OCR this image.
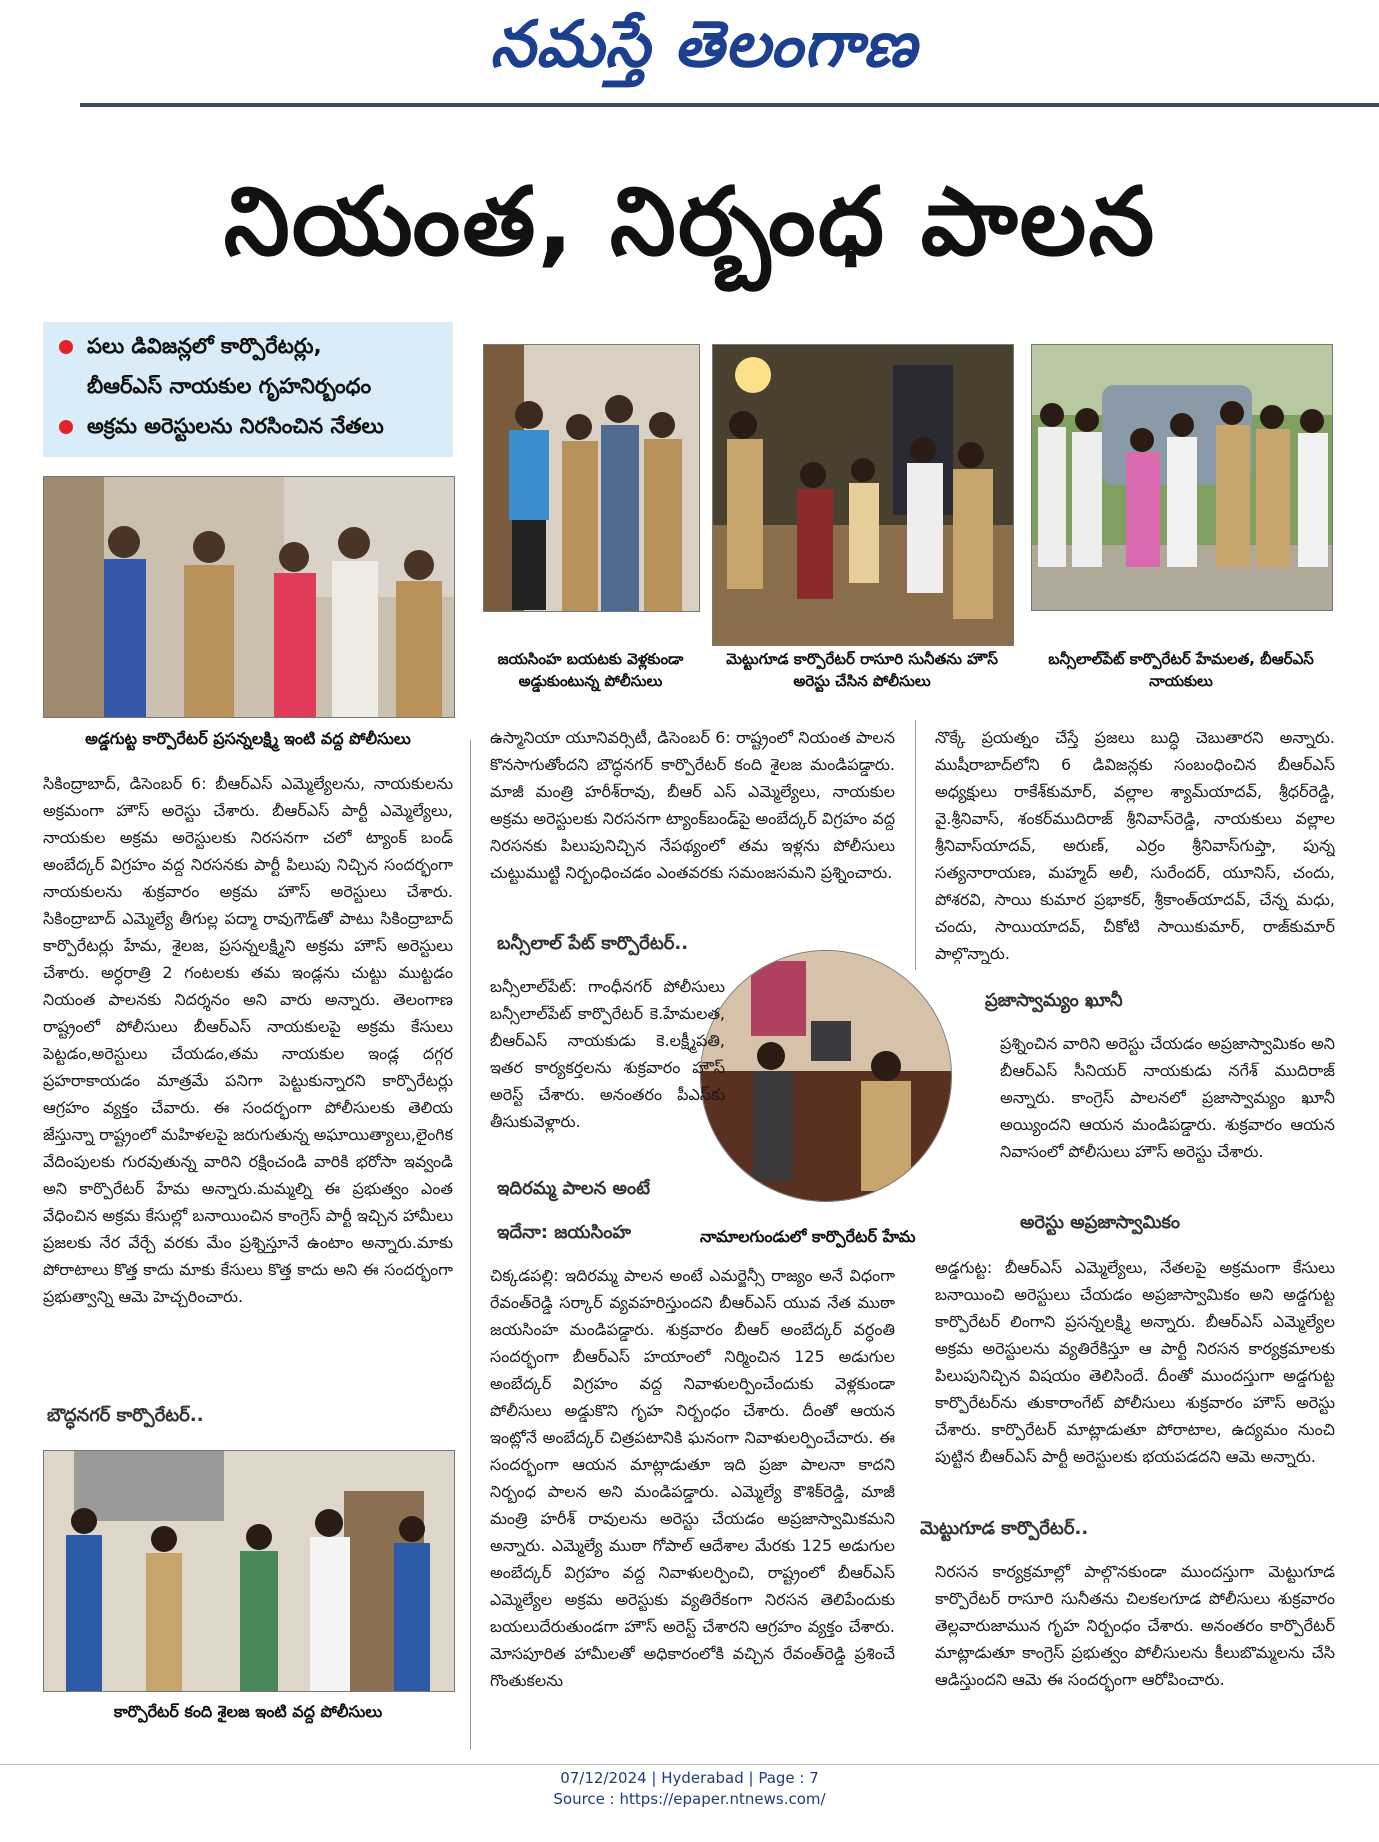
నమస్తే తెలంగాణ
నియంత, నిర్బంధ పాలన
పలు డివిజన్లలో కార్పొరేటర్లు,
బీఆర్ఎస్ నాయకుల గృహనిర్బంధం
అక్రమ అరెస్టులను నిరసించిన నేతలు
అడ్డగుట్ట కార్పొరేటర్ ప్రసన్నలక్ష్మి ఇంటి వద్ద పోలీసులు
జయసింహ బయటకు వెళ్లకుండా అడ్డుకుంటున్న పోలీసులు
మెట్టుగూడ కార్పొరేటర్ రాసూరి సునీతను హౌస్ అరెస్టు చేసిన పోలీసులు
బన్సీలాల్‌పేట్ కార్పొరేటర్ హేమలత, బీఆర్ఎస్ నాయకులు
కార్పొరేటర్ కంది శైలజ ఇంటి వద్ద పోలీసులు
నామాలగుండులో కార్పొరేటర్ హేమ

సికింద్రాబాద్, డిసెంబర్ 6: బీఆర్ఎస్ ఎమ్మెల్యేలను, నాయకులను అక్రమంగా హౌస్ అరెస్టు చేశారు. బీఆర్ఎస్ పార్టీ ఎమ్మెల్యేలు, నాయకుల అక్రమ అరెస్టులకు నిరసనగా చలో ట్యాంక్ బండ్ అంబేద్కర్ విగ్రహం వద్ద నిరసనకు పార్టీ పిలుపు నిచ్చిన సందర్భంగా నాయకులను శుక్రవారం అక్రమ హౌస్ అరెస్టులు చేశారు. సికింద్రాబాద్ ఎమ్మెల్యే తీగుల్ల పద్మా రావుగౌడ్‌తో పాటు సికింద్రాబాద్ కార్పొరేటర్లు హేమ, శైలజ, ప్రసన్నలక్ష్మిని అక్రమ హౌస్ అరెస్టులు చేశారు. అర్ధరాత్రి 2 గంటలకు తమ ఇండ్లను చుట్టు ముట్టడం నియంత పాలనకు నిదర్శనం అని వారు అన్నారు. తెలంగాణ రాష్ట్రంలో పోలీసులు బీఆర్ఎస్ నాయకులపై అక్రమ కేసులు పెట్టడం,అరెస్టులు చేయడం,తమ నాయకుల ఇండ్ల దగ్గర ప్రహరాకాయడం మాత్రమే పనిగా పెట్టుకున్నారని కార్పొరేటర్లు ఆగ్రహం వ్యక్తం చేవారు. ఈ సందర్భంగా పోలీసులకు తెలియ జేస్తున్నా రాష్ట్రంలో మహిళలపై జరుగుతున్న అఘాయిత్యాలు,లైంగిక వేదింపులకు గురవుతున్న వారిని రక్షించండి వారికి భరోసా ఇవ్వండి అని కార్పొరేటర్ హేమ అన్నారు.మమ్మల్ని ఈ ప్రభుత్వం ఎంత వేధించిన అక్రమ కేసుల్లో బనాయించిన కాంగ్రెస్ పార్టీ ఇచ్చిన హామీలు ప్రజలకు నేర వేర్చే వరకు మేం ప్రశ్నిస్తూనే ఉంటాం అన్నారు.మాకు పోరాటాలు కొత్త కాదు మాకు కేసులు కొత్త కాదు అని ఈ సందర్భంగా ప్రభుత్వాన్ని ఆమె హెచ్చరించారు.

బౌద్ధనగర్ కార్పొరేటర్..

ఉస్మానియా యూనివర్సిటీ, డిసెంబర్ 6: రాష్ట్రంలో నియంత పాలన కొనసాగుతోందని బౌద్ధనగర్ కార్పొరేటర్ కంది శైలజ మండిపడ్డారు. మాజీ మంత్రి హరీశ్‌రావు, బీఆర్ ఎస్ ఎమ్మెల్యేలు, నాయకుల అక్రమ అరెస్టులకు నిరసనగా ట్యాంక్‌బండ్‌పై అంబేద్కర్ విగ్రహం వద్ద నిరసనకు పిలుపునిచ్చిన నేపథ్యంలో తమ ఇళ్లను పోలీసులు చుట్టుముట్టి నిర్బంధించడం ఎంతవరకు సమంజసమని ప్రశ్నించారు.

బన్సీలాల్ పేట్ కార్పొరేటర్..

బన్సీలాల్‌పేట్: గాంధీనగర్ పోలీసులు బన్సీలాల్‌పేట్ కార్పొరేటర్ కె.హేమలత, బీఆర్ఎస్ నాయకుడు కె.లక్ష్మీపతి, ఇతర కార్యకర్తలను శుక్రవారం హౌస్ అరెస్ట్ చేశారు. అనంతరం పీఎస్‌కు తీసుకువెళ్లారు.

ఇదిరమ్మ పాలన అంటే
ఇదేనా: జయసింహ

చిక్కడపల్లి: ఇదిరమ్మ పాలన అంటే ఎమర్జెన్సీ రాజ్యం అనే విధంగా రేవంత్‌రెడ్డి సర్కార్ వ్యవహరిస్తుందని బీఆర్ఎస్ యువ నేత ముఠా జయసింహ మండిపడ్డారు. శుక్రవారం బీఆర్ అంబేద్కర్ వర్ధంతి సందర్భంగా బీఆర్ఎస్ హయాంలో నిర్మించిన 125 అడుగుల అంబేద్కర్ విగ్రహం వద్ద నివాళులర్పించేందుకు వెళ్లకుండా పోలీసులు అడ్డుకొని గృహ నిర్బంధం చేశారు. దీంతో ఆయన ఇంట్లోనే అంబేద్కర్ చిత్రపటానికి ఘనంగా నివాళులర్పించేచారు. ఈ సందర్భంగా ఆయన మాట్లాడుతూ ఇది ప్రజా పాలనా కాదని నిర్బంధ పాలన అని మండిపడ్డారు. ఎమ్మెల్యే కౌశిక్‌రెడ్డి, మాజీ మంత్రి హరీశ్ రావులను అరెస్టు చేయడం అప్రజాస్వామికమని అన్నారు. ఎమ్మెల్యే ముఠా గోపాల్ ఆదేశాల మేరకు 125 అడుగుల అంబేద్కర్ విగ్రహం వద్ద నివాళులర్పించి, రాష్ట్రంలో బీఆర్ఎస్ ఎమ్మెల్యేల అక్రమ అరెస్టుకు వ్యతిరేకంగా నిరసన తెలిపేందుకు బయలుదేరుతుండగా హౌస్ అరెస్ట్ చేశారని ఆగ్రహం వ్యక్తం చేశారు. మోసపూరిత హామీలతో అధికారంలోకి వచ్చిన రేవంత్‌రెడ్డి ప్రశించే గొంతుకలను

నొక్కే ప్రయత్నం చేస్తే ప్రజలు బుద్ధి చెబుతారని అన్నారు. ముషీరాబాద్‌లోని 6 డివిజన్లకు సంబంధించిన బీఆర్ఎస్ అధ్యక్షులు రాకేశ్‌కుమార్, వల్లాల శ్యామ్‌యాదవ్, శ్రీధర్‌రెడ్డి, వై.శ్రీనివాస్, శంకర్‌ముదిరాజ్ శ్రీనివాస్‌రెడ్డి, నాయకులు వల్లాల శ్రీనివాస్‌యాదవ్, అరుణ్, ఎర్రం శ్రీనివాస్‌గుప్తా, పున్న సత్యనారాయణ, మహ్మద్ అలీ, సురేందర్, యూనిస్, చందు, పోశరవి, సాయి కుమార ప్రభాకర్, శ్రీకాంత్‌యాదవ్, చేన్న మధు, చందు, సాయియాదవ్, చీకోటి సాయికుమార్, రాజ్‌కుమార్ పాల్గొన్నారు.

ప్రజాస్వామ్యం ఖూనీ

ప్రశ్నించిన వారిని అరెస్టు చేయడం అప్రజాస్వామికం అని బీఆర్ఎస్ సీనియర్ నాయకుడు నగేశ్ ముదిరాజ్ అన్నారు. కాంగ్రెస్ పాలనలో ప్రజాస్వామ్యం ఖూనీ అయ్యిందని ఆయన మండిపడ్డారు. శుక్రవారం ఆయన నివాసంలో పోలీసులు హౌస్ అరెస్టు చేశారు.

అరెస్టు అప్రజాస్వామికం

అడ్డగుట్ట: బీఆర్ఎస్ ఎమ్మెల్యేలు, నేతలపై అక్రమంగా కేసులు బనాయించి అరెస్టులు చేయడం అప్రజాస్వామికం అని అడ్డగుట్ట కార్పొరేటర్ లింగాని ప్రసన్నలక్ష్మి అన్నారు. బీఆర్ఎస్ ఎమ్మెల్యేల అక్రమ అరెస్టులను వ్యతిరేకిస్తూ ఆ పార్టీ నిరసన కార్యక్రమాలకు పిలుపునిచ్చిన విషయం తెలిసిందే. దీంతో ముందస్తుగా అడ్డగుట్ట కార్పొరేటర్‌ను తుకారాంగేట్ పోలీసులు శుక్రవారం హౌస్ అరెస్టు చేశారు. కార్పొరేటర్ మాట్లాడుతూ పోరాటాల, ఉద్యమం నుంచి పుట్టిన బీఆర్ఎస్ పార్టీ అరెస్టులకు భయపడదని ఆమె అన్నారు.

మెట్టుగూడ కార్పొరేటర్..

నిరసన కార్యక్రమాల్లో పాల్గొనకుండా ముందస్తుగా మెట్టుగూడ కార్పొరేటర్ రాసూరి సునీతను చిలకలగూడ పోలీసులు శుక్రవారం తెల్లవారుజామున గృహ నిర్బంధం చేశారు. అనంతరం కార్పొరేటర్ మాట్లాడుతూ కాంగ్రెస్ ప్రభుత్వం పోలీసులను కీలుబొమ్మలను చేసి ఆడిస్తుందని ఆమె ఈ సందర్భంగా ఆరోపించారు.

07/12/2024 | Hyderabad | Page : 7
Source : https://epaper.ntnews.com/
